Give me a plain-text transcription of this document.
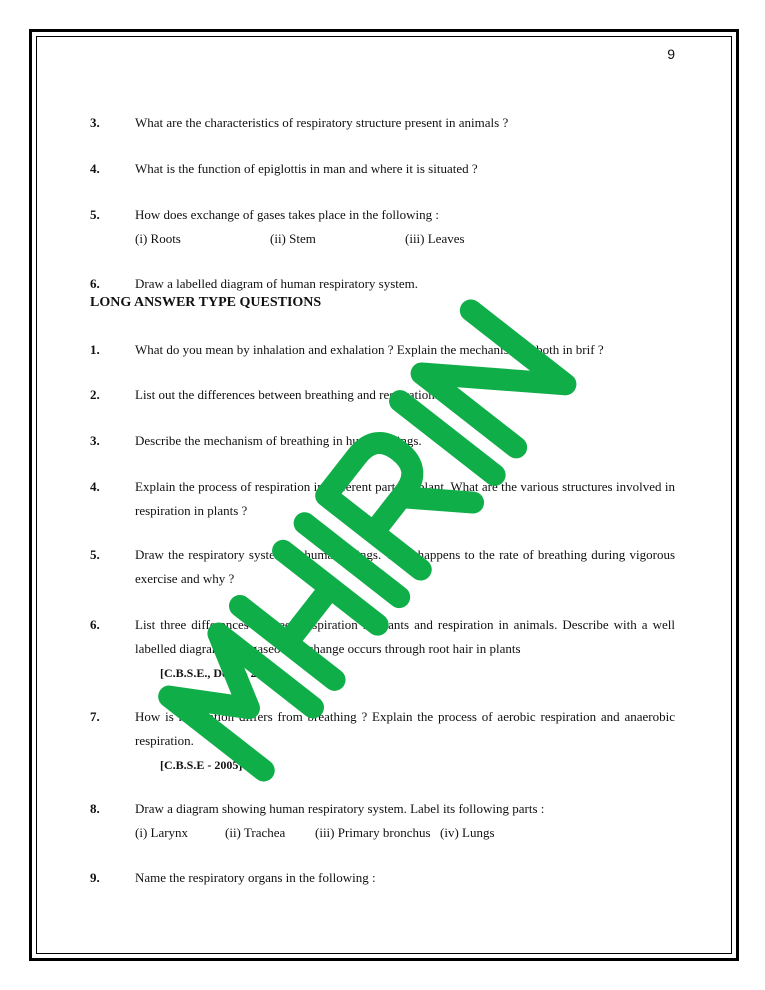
9
3.	What are the characteristics of respiratory structure present in animals ?
4.	What is the function of epiglottis in man and where it is situated ?
5.	How does exchange of gases takes place in the following :
(i) Roots	(ii) Stem	(iii) Leaves
6.	Draw a labelled diagram of human respiratory system.
LONG ANSWER TYPE QUESTIONS
1.	What do you mean by inhalation and exhalation ? Explain the mechanism of both in brif ?
2.	List out the differences between breathing and respiration.
3.	Describe the mechanism of breathing in human beings.
4.	Explain the process of respiration in different parts of plant. What are the various structures involved in respiration in plants ?
5.	Draw the respiratory system of human beings. What happens to the rate of breathing during vigorous exercise and why ?
6.	List three differences between respiration in plants and respiration in animals. Describe with a well labelled diagram how gaseous exchange occurs through root hair in plants
[C.B.S.E., Delhi - 2005]
7.	How is respiration differs from breathing ? Explain the process of aerobic respiration and anaerobic respiration.
[C.B.S.E - 2005]
8.	Draw a diagram showing human respiratory system. Label its following parts :
(i) Larynx	(ii) Trachea	(iii) Primary bronchus (iv) Lungs
9.	Name the respiratory organs in the following :
